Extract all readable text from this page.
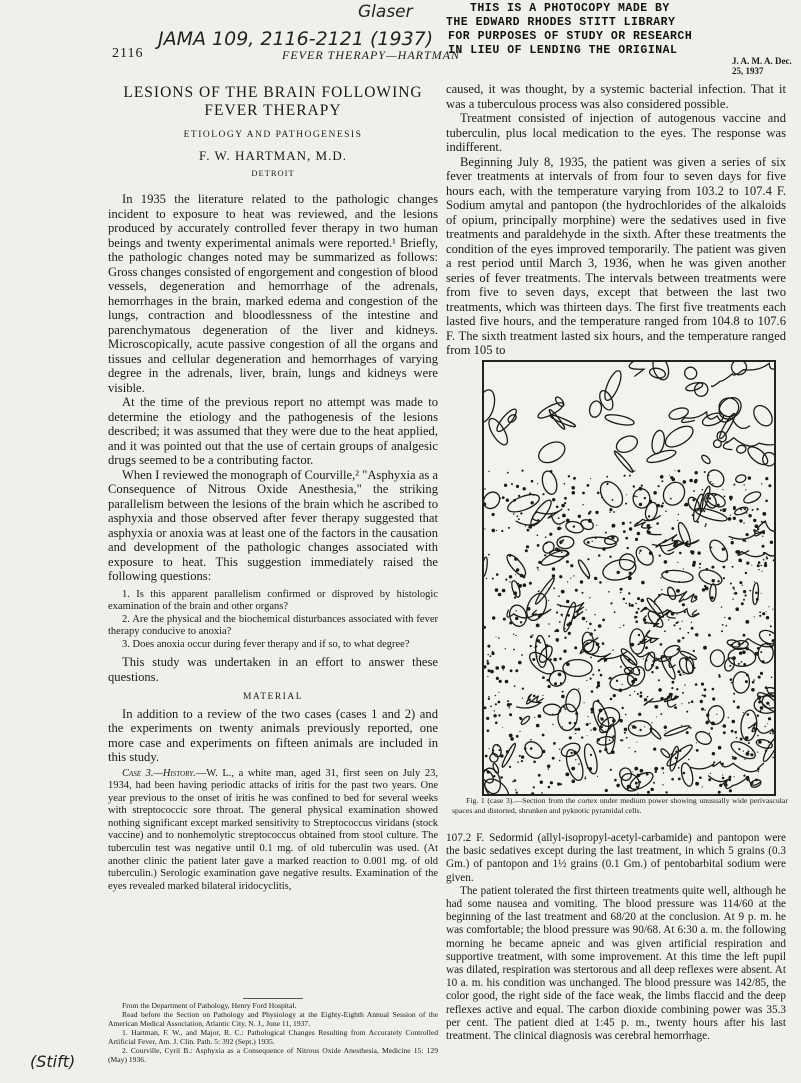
Glaser
JAMA 109, 2116-2121 (1937)
(Stift)
2116	FEVER THERAPY—HARTMAN	J. A. M. A. Dec. 25, 1937
THIS IS A PHOTOCOPY MADE BY
THE EDWARD RHODES STITT LIBRARY
FOR PURPOSES OF STUDY OR RESEARCH
IN LIEU OF LENDING THE ORIGINAL
LESIONS OF THE BRAIN FOLLOWING
FEVER THERAPY
ETIOLOGY AND PATHOGENESIS
F. W. HARTMAN, M.D.
DETROIT

In 1935 the literature related to the pathologic changes incident to exposure to heat was reviewed, and the lesions produced by accurately controlled fever therapy in two human beings and twenty experimental animals were reported.¹ Briefly, the pathologic changes noted may be summarized as follows: Gross changes consisted of engorgement and congestion of blood vessels, degeneration and hemorrhage of the adrenals, hemorrhages in the brain, marked edema and congestion of the lungs, contraction and bloodlessness of the intestine and parenchymatous degeneration of the liver and kidneys. Microscopically, acute passive congestion of all the organs and tissues and cellular degeneration and hemorrhages of varying degree in the adrenals, liver, brain, lungs and kidneys were visible.

At the time of the previous report no attempt was made to determine the etiology and the pathogenesis of the lesions described; it was assumed that they were due to the heat applied, and it was pointed out that the use of certain groups of analgesic drugs seemed to be a contributing factor.

When I reviewed the monograph of Courville,² "Asphyxia as a Consequence of Nitrous Oxide Anesthesia," the striking parallelism between the lesions of the brain which he ascribed to asphyxia and those observed after fever therapy suggested that asphyxia or anoxia was at least one of the factors in the causation and development of the pathologic changes associated with exposure to heat. This suggestion immediately raised the following questions:

1. Is this apparent parallelism confirmed or disproved by histologic examination of the brain and other organs?

2. Are the physical and the biochemical disturbances associated with fever therapy conducive to anoxia?

3. Does anoxia occur during fever therapy and if so, to what degree?

This study was undertaken in an effort to answer these questions.

MATERIAL

In addition to a review of the two cases (cases 1 and 2) and the experiments on twenty animals previously reported, one more case and experiments on fifteen animals are included in this study.

Case 3.—History.—W. L., a white man, aged 31, first seen on July 23, 1934, had been having periodic attacks of iritis for the past two years. One year previous to the onset of iritis he was confined to bed for several weeks with streptococcic sore throat. The general physical examination showed nothing significant except marked sensitivity to Streptococcus viridans (stock vaccine) and to nonhemolytic streptococcus obtained from stool culture. The tuberculin test was negative until 0.1 mg. of old tuberculin was used. (At another clinic the patient later gave a marked reaction to 0.001 mg. of old tuberculin.) Serologic examination gave negative results. Examination of the eyes revealed marked bilateral iridocyclitis,

From the Department of Pathology, Henry Ford Hospital.

Read before the Section on Pathology and Physiology at the Eighty-Eighth Annual Session of the American Medical Association, Atlantic City, N. J., June 11, 1937.

1. Hartman, F. W., and Major, R. C.: Pathological Changes Resulting from Accurately Controlled Artificial Fever, Am. J. Clin. Path. 5: 392 (Sept.) 1935.

2. Courville, Cyril B.: Asphyxia as a Consequence of Nitrous Oxide Anesthesia, Medicine 15: 129 (May) 1936.

caused, it was thought, by a systemic bacterial infection. That it was a tuberculous process was also considered possible.

Treatment consisted of injection of autogenous vaccine and tuberculin, plus local medication to the eyes. The response was indifferent.

Beginning July 8, 1935, the patient was given a series of six fever treatments at intervals of from four to seven days for five hours each, with the temperature varying from 103.2 to 107.4 F. Sodium amytal and pantopon (the hydrochlorides of the alkaloids of opium, principally morphine) were the sedatives used in five treatments and paraldehyde in the sixth. After these treatments the condition of the eyes improved temporarily. The patient was given a rest period until March 3, 1936, when he was given another series of fever treatments. The intervals between treatments were from five to seven days, except that between the last two treatments, which was thirteen days. The first five treatments each lasted five hours, and the temperature ranged from 104.8 to 107.6 F. The sixth treatment lasted six hours, and the temperature ranged from 105 to

Fig. 1 (case 3).—Section from the cortex under medium power showing unusually wide perivascular spaces and distorted, shrunken and pyknotic pyramidal cells.

107.2 F. Sedormid (allyl-isopropyl-acetyl-carbamide) and pantopon were the basic sedatives except during the last treatment, in which 5 grains (0.3 Gm.) of pantopon and 1½ grains (0.1 Gm.) of pentobarbital sodium were given.

The patient tolerated the first thirteen treatments quite well, although he had some nausea and vomiting. The blood pressure was 114/60 at the beginning of the last treatment and 68/20 at the conclusion. At 9 p. m. he was comfortable; the blood pressure was 90/68. At 6:30 a. m. the following morning he became apneic and was given artificial respiration and supportive treatment, with some improvement. At this time the left pupil was dilated, respiration was stertorous and all deep reflexes were absent. At 10 a. m. his condition was unchanged. The blood pressure was 142/85, the color good, the right side of the face weak, the limbs flaccid and the deep reflexes active and equal. The carbon dioxide combining power was 35.3 per cent. The patient died at 1:45 p. m., twenty hours after his last treatment. The clinical diagnosis was cerebral hemorrhage.
